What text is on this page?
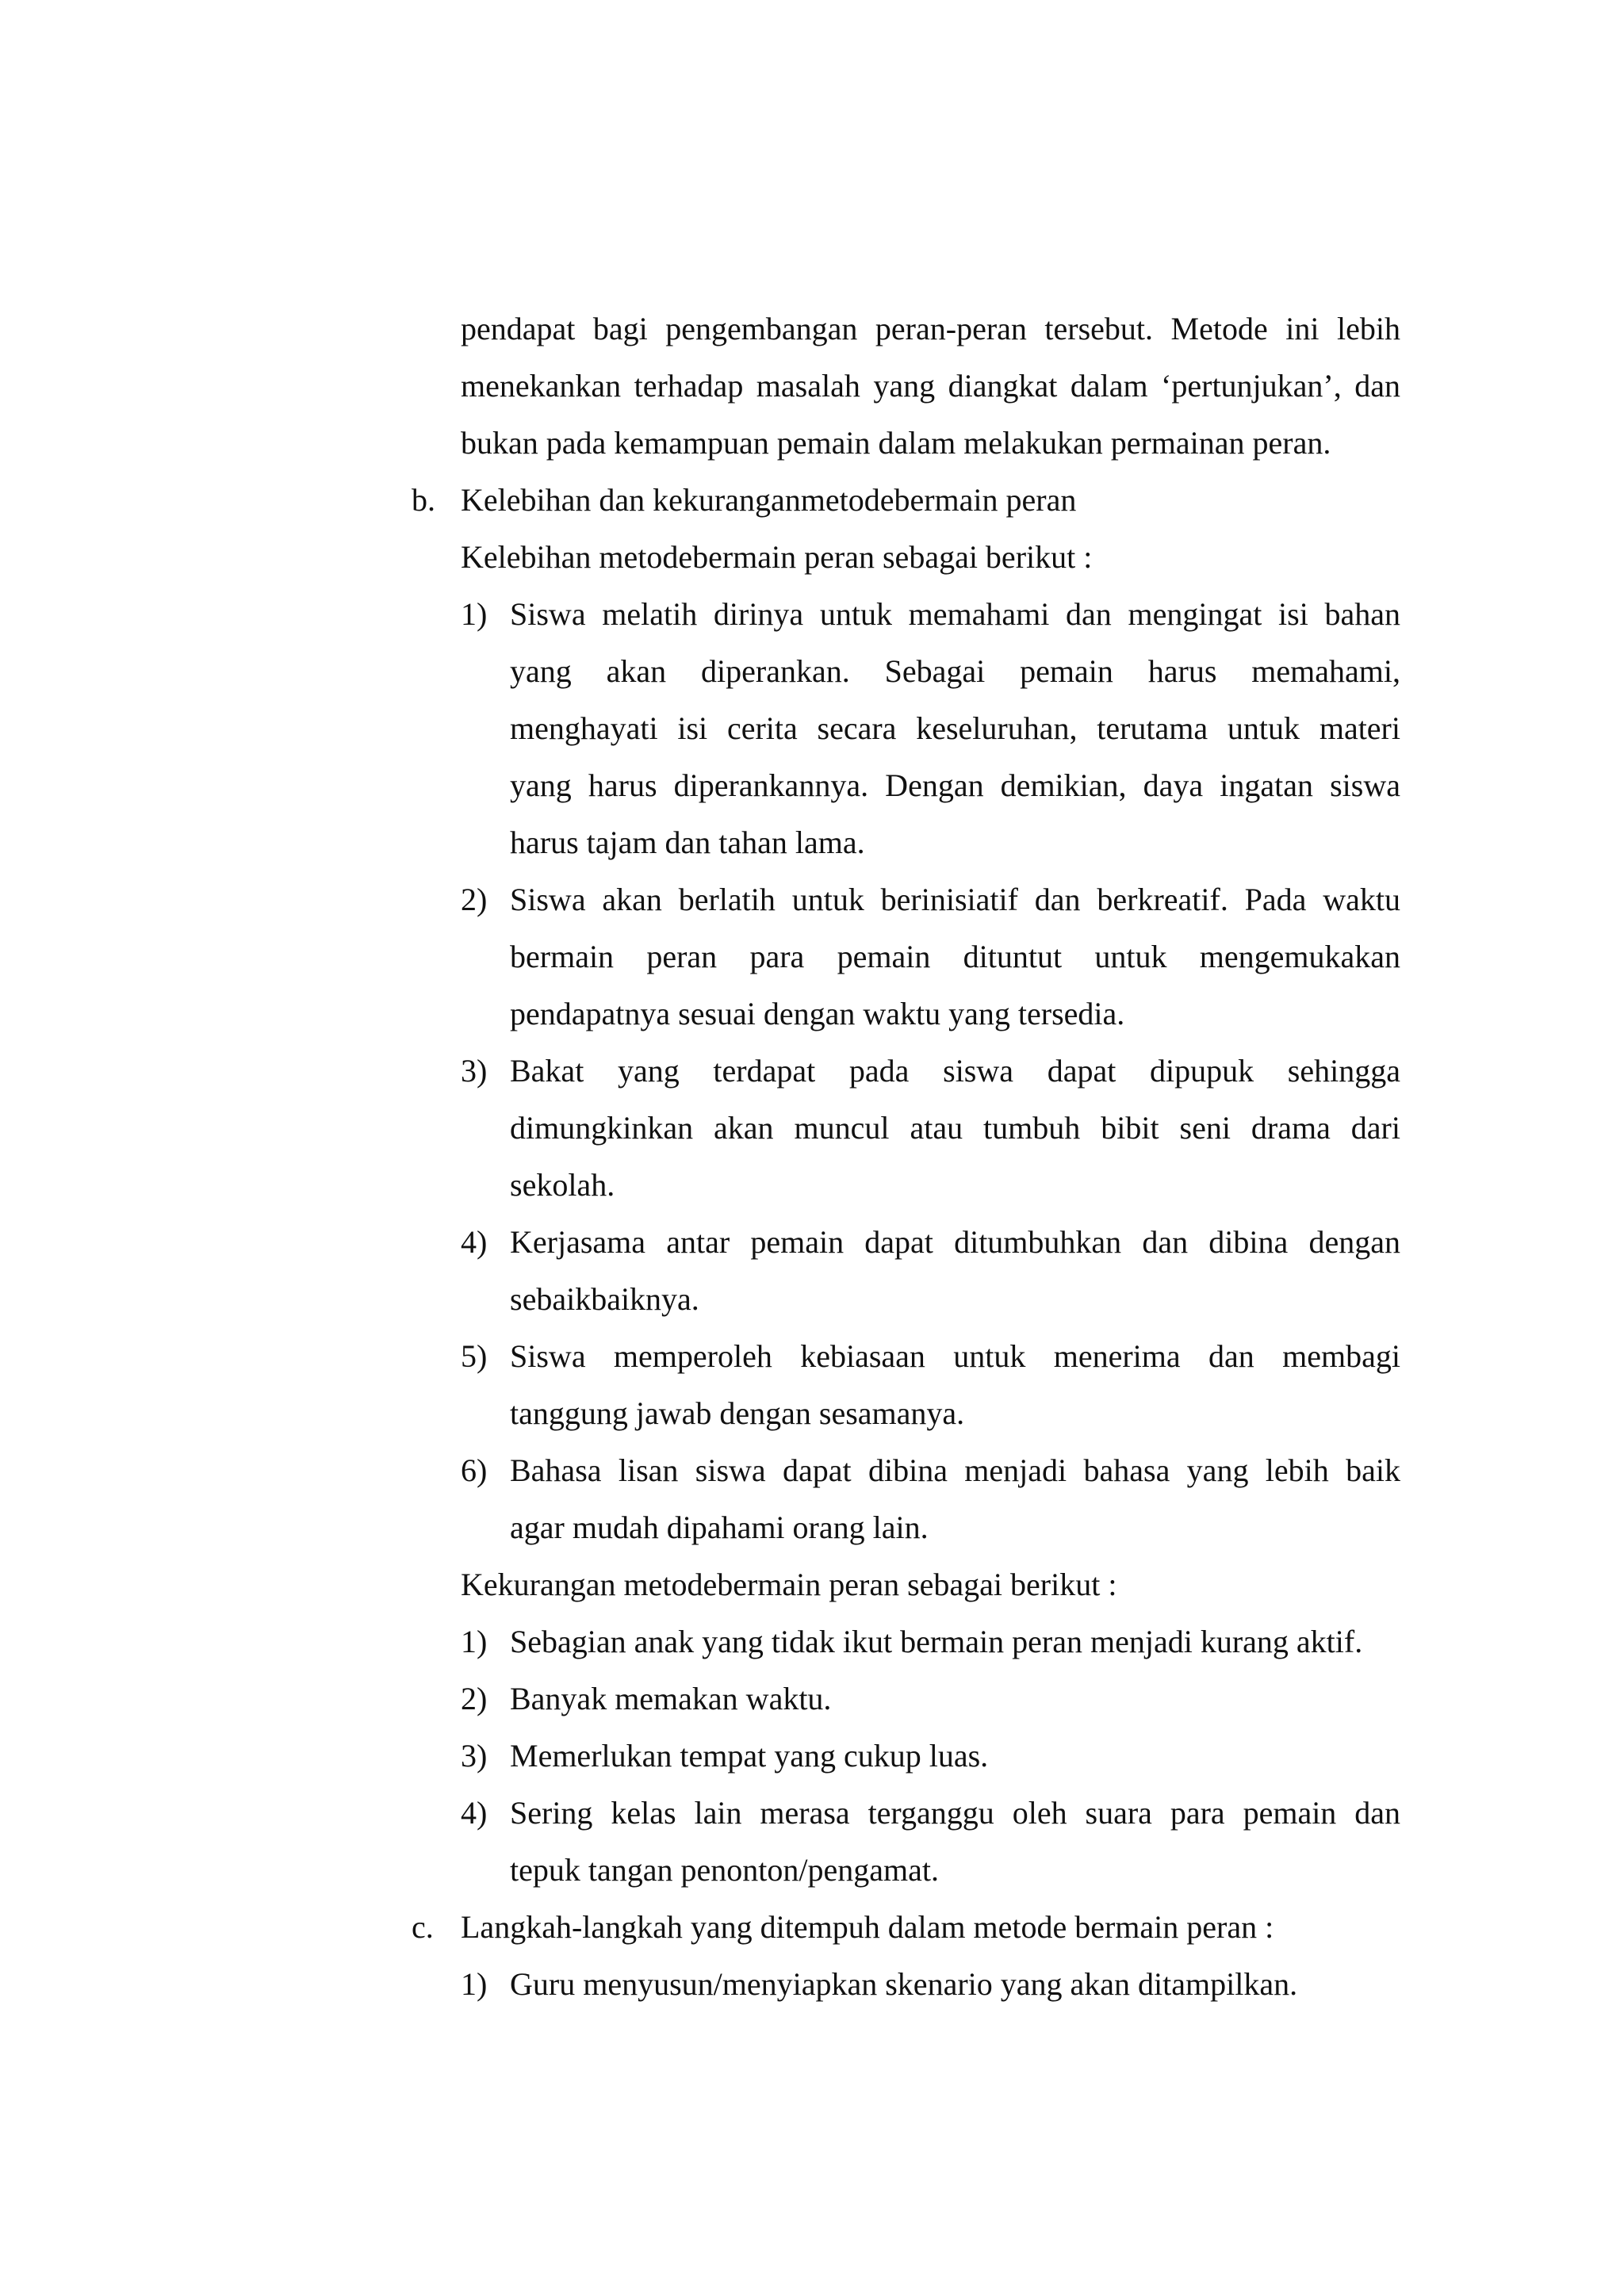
pendapat bagi pengembangan peran-peran tersebut. Metode ini lebih
menekankan terhadap masalah yang diangkat dalam ‘pertunjukan’, dan
bukan pada kemampuan pemain dalam melakukan permainan peran.
b. Kelebihan dan kekuranganmetodebermain peran
Kelebihan metodebermain peran sebagai berikut :
1) Siswa melatih dirinya untuk memahami dan mengingat isi bahan
yang akan diperankan. Sebagai pemain harus memahami,
menghayati isi cerita secara keseluruhan, terutama untuk materi
yang harus diperankannya. Dengan demikian, daya ingatan siswa
harus tajam dan tahan lama.
2) Siswa akan berlatih untuk berinisiatif dan berkreatif. Pada waktu
bermain peran para pemain dituntut untuk mengemukakan
pendapatnya sesuai dengan waktu yang tersedia.
3) Bakat yang terdapat pada siswa dapat dipupuk sehingga
dimungkinkan akan muncul atau tumbuh bibit seni drama dari
sekolah.
4) Kerjasama antar pemain dapat ditumbuhkan dan dibina dengan
sebaikbaiknya.
5) Siswa memperoleh kebiasaan untuk menerima dan membagi
tanggung jawab dengan sesamanya.
6) Bahasa lisan siswa dapat dibina menjadi bahasa yang lebih baik
agar mudah dipahami orang lain.
Kekurangan metodebermain peran sebagai berikut :
1) Sebagian anak yang tidak ikut bermain peran menjadi kurang aktif.
2) Banyak memakan waktu.
3) Memerlukan tempat yang cukup luas.
4) Sering kelas lain merasa terganggu oleh suara para pemain dan
tepuk tangan penonton/pengamat.
c. Langkah-langkah yang ditempuh dalam metode bermain peran :
1) Guru menyusun/menyiapkan skenario yang akan ditampilkan.
